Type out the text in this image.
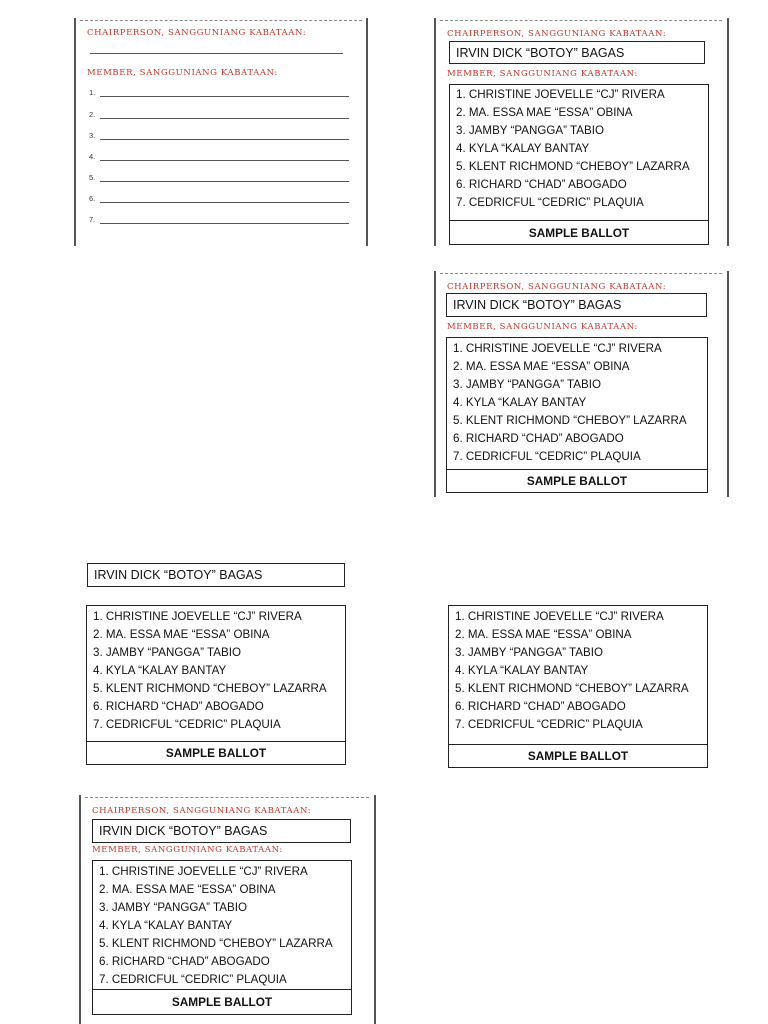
CHAIRPERSON, SANGGUNIANG KABATAAN:
MEMBER, SANGGUNIANG KABATAAN:
1.
2.
3.
4.
5.
6.
7.
CHAIRPERSON, SANGGUNIANG KABATAAN:
IRVIN DICK “BOTOY” BAGAS
MEMBER, SANGGUNIANG KABATAAN:
1. CHRISTINE JOEVELLE “CJ” RIVERA
2. MA. ESSA MAE “ESSA” OBINA
3. JAMBY “PANGGA” TABIO
4. KYLA “KALAY BANTAY
5. KLENT RICHMOND “CHEBOY” LAZARRA
6. RICHARD “CHAD” ABOGADO
7. CEDRICFUL “CEDRIC” PLAQUIA
SAMPLE BALLOT
CHAIRPERSON, SANGGUNIANG KABATAAN:
IRVIN DICK “BOTOY” BAGAS
MEMBER, SANGGUNIANG KABATAAN:
1. CHRISTINE JOEVELLE “CJ” RIVERA
2. MA. ESSA MAE “ESSA” OBINA
3. JAMBY “PANGGA” TABIO
4. KYLA “KALAY BANTAY
5. KLENT RICHMOND “CHEBOY” LAZARRA
6. RICHARD “CHAD” ABOGADO
7. CEDRICFUL “CEDRIC” PLAQUIA
SAMPLE BALLOT
IRVIN DICK “BOTOY” BAGAS
1. CHRISTINE JOEVELLE “CJ” RIVERA
2. MA. ESSA MAE “ESSA” OBINA
3. JAMBY “PANGGA” TABIO
4. KYLA “KALAY BANTAY
5. KLENT RICHMOND “CHEBOY” LAZARRA
6. RICHARD “CHAD” ABOGADO
7. CEDRICFUL “CEDRIC” PLAQUIA
SAMPLE BALLOT
1. CHRISTINE JOEVELLE “CJ” RIVERA
2. MA. ESSA MAE “ESSA” OBINA
3. JAMBY “PANGGA” TABIO
4. KYLA “KALAY BANTAY
5. KLENT RICHMOND “CHEBOY” LAZARRA
6. RICHARD “CHAD” ABOGADO
7. CEDRICFUL “CEDRIC” PLAQUIA
SAMPLE BALLOT
CHAIRPERSON, SANGGUNIANG KABATAAN:
IRVIN DICK “BOTOY” BAGAS
MEMBER, SANGGUNIANG KABATAAN:
1. CHRISTINE JOEVELLE “CJ” RIVERA
2. MA. ESSA MAE “ESSA” OBINA
3. JAMBY “PANGGA” TABIO
4. KYLA “KALAY BANTAY
5. KLENT RICHMOND “CHEBOY” LAZARRA
6. RICHARD “CHAD” ABOGADO
7. CEDRICFUL “CEDRIC” PLAQUIA
SAMPLE BALLOT
